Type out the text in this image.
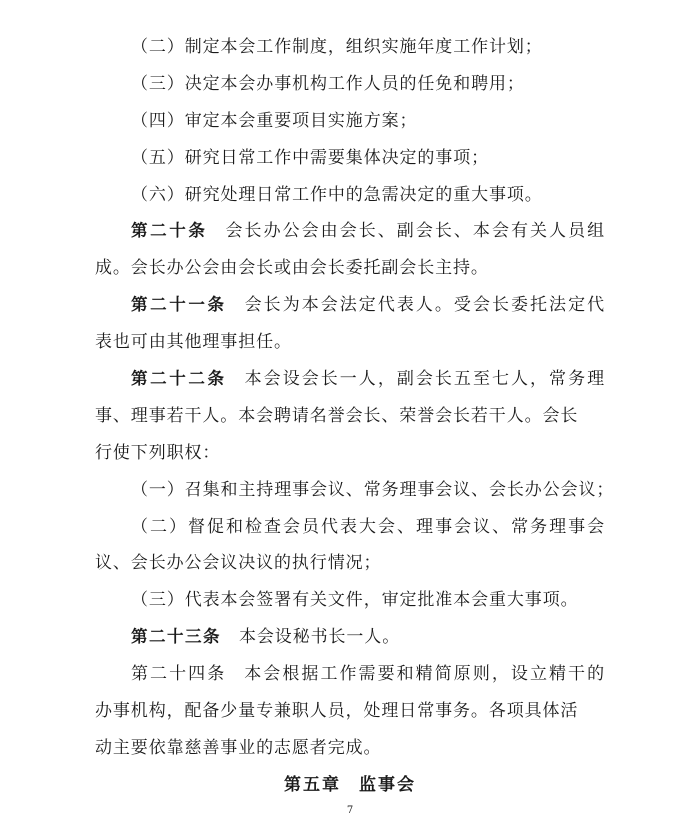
（二）制定本会工作制度，组织实施年度工作计划；
（三）决定本会办事机构工作人员的任免和聘用；
（四）审定本会重要项目实施方案；
（五）研究日常工作中需要集体决定的事项；
（六）研究处理日常工作中的急需决定的重大事项。
第二十条 会长办公会由会长、副会长、本会有关人员组
成。会长办公会由会长或由会长委托副会长主持。
第二十一条 会长为本会法定代表人。受会长委托法定代
表也可由其他理事担任。
第二十二条 本会设会长一人，副会长五至七人，常务理
事、理事若干人。本会聘请名誉会长、荣誉会长若干人。会长
行使下列职权：
（一）召集和主持理事会议、常务理事会议、会长办公会议；
（二）督促和检查会员代表大会、理事会议、常务理事会
议、会长办公会议决议的执行情况；
（三）代表本会签署有关文件，审定批准本会重大事项。
第二十三条 本会设秘书长一人。
第二十四条 本会根据工作需要和精简原则，设立精干的
办事机构，配备少量专兼职人员，处理日常事务。各项具体活
动主要依靠慈善事业的志愿者完成。
第五章 监事会
7
